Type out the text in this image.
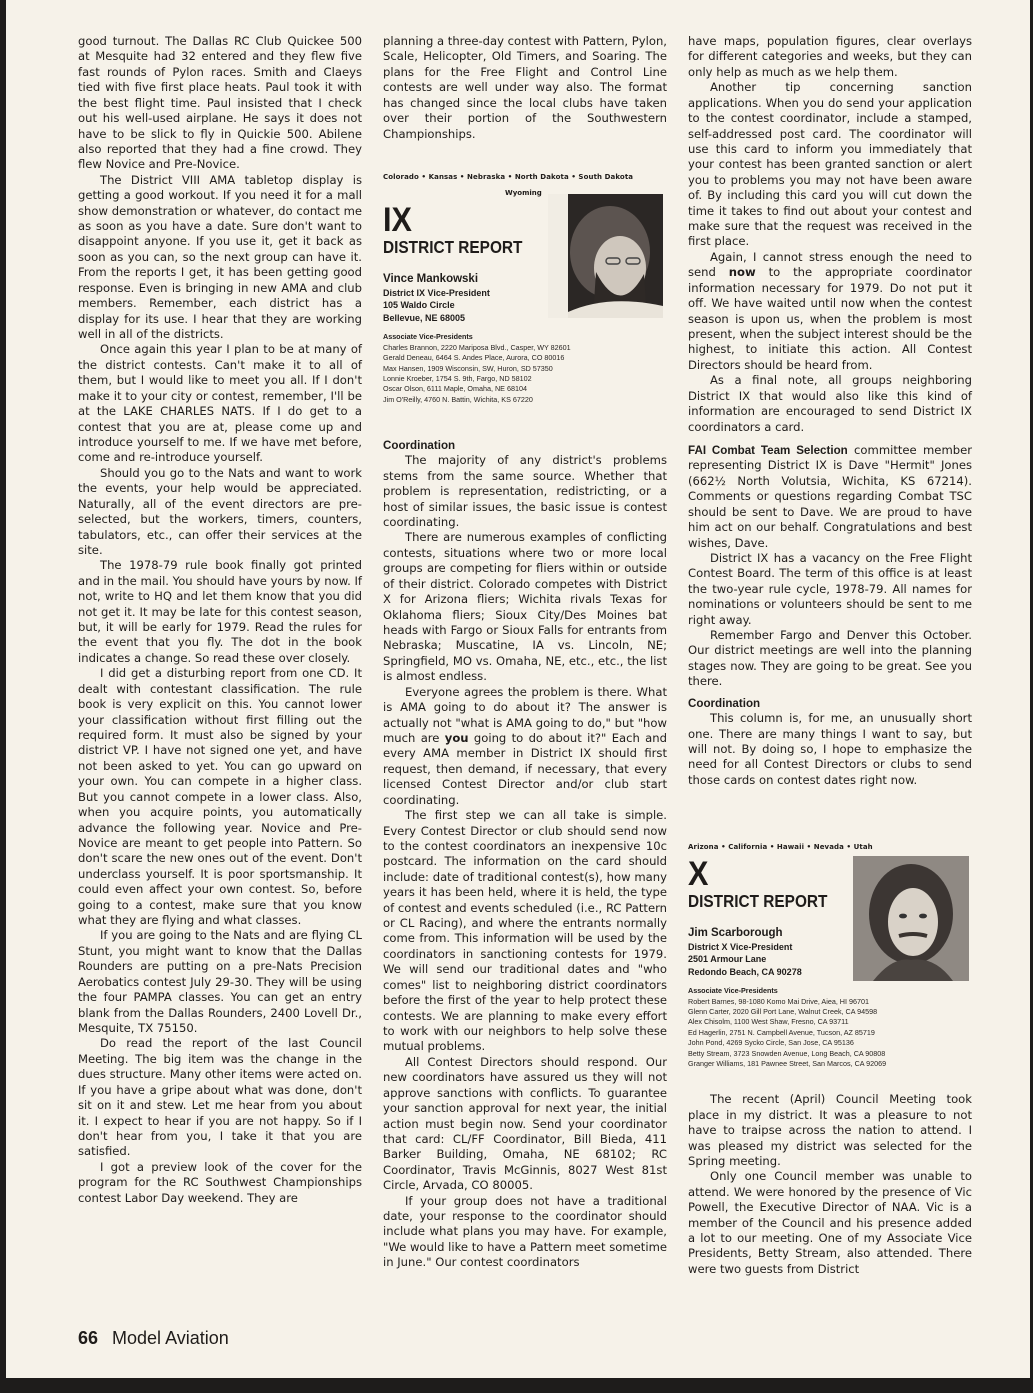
good turnout. The Dallas RC Club Quickee 500 at Mesquite had 32 entered and they flew five fast rounds of Pylon races. Smith and Claeys tied with five first place heats. Paul took it with the best flight time. Paul insisted that I check out his well-used airplane. He says it does not have to be slick to fly in Quickie 500. Abilene also reported that they had a fine crowd. They flew Novice and Pre-Novice.

The District VIII AMA tabletop display is getting a good workout. If you need it for a mall show demonstration or whatever, do contact me as soon as you have a date. Sure don't want to disappoint anyone. If you use it, get it back as soon as you can, so the next group can have it. From the reports I get, it has been getting good response. Even is bringing in new AMA and club members. Remember, each district has a display for its use. I hear that they are working well in all of the districts.

Once again this year I plan to be at many of the district contests. Can't make it to all of them, but I would like to meet you all. If I don't make it to your city or contest, remember, I'll be at the LAKE CHARLES NATS. If I do get to a contest that you are at, please come up and introduce yourself to me. If we have met before, come and re-introduce yourself.

Should you go to the Nats and want to work the events, your help would be appreciated. Naturally, all of the event directors are pre-selected, but the workers, timers, counters, tabulators, etc., can offer their services at the site.

The 1978-79 rule book finally got printed and in the mail. You should have yours by now. If not, write to HQ and let them know that you did not get it. It may be late for this contest season, but, it will be early for 1979. Read the rules for the event that you fly. The dot in the book indicates a change. So read these over closely.

I did get a disturbing report from one CD. It dealt with contestant classification. The rule book is very explicit on this. You cannot lower your classification without first filling out the required form. It must also be signed by your district VP. I have not signed one yet, and have not been asked to yet. You can go upward on your own. You can compete in a higher class. But you cannot compete in a lower class. Also, when you acquire points, you automatically advance the following year. Novice and Pre-Novice are meant to get people into Pattern. So don't scare the new ones out of the event. Don't underclass yourself. It is poor sportsmanship. It could even affect your own contest. So, before going to a contest, make sure that you know what they are flying and what classes.

If you are going to the Nats and are flying CL Stunt, you might want to know that the Dallas Rounders are putting on a pre-Nats Precision Aerobatics contest July 29-30. They will be using the four PAMPA classes. You can get an entry blank from the Dallas Rounders, 2400 Lovell Dr., Mesquite, TX 75150.

Do read the report of the last Council Meeting. The big item was the change in the dues structure. Many other items were acted on. If you have a gripe about what was done, don't sit on it and stew. Let me hear from you about it. I expect to hear if you are not happy. So if I don't hear from you, I take it that you are satisfied.

I got a preview look of the cover for the program for the RC Southwest Championships contest Labor Day weekend. They are

planning a three-day contest with Pattern, Pylon, Scale, Helicopter, Old Timers, and Soaring. The plans for the Free Flight and Control Line contests are well under way also. The format has changed since the local clubs have taken over their portion of the Southwestern Championships.

Colorado • Kansas • Nebraska • North Dakota • South Dakota
Wyoming
IX
DISTRICT REPORT
Vince Mankowski
District IX Vice-President
105 Waldo Circle
Bellevue, NE 68005
Associate Vice-Presidents
Charles Brannon, 2220 Mariposa Blvd., Casper, WY 82601
Gerald Deneau, 6464 S. Andes Place, Aurora, CO 80016
Max Hansen, 1909 Wisconsin, SW, Huron, SD 57350
Lonnie Kroeber, 1754 S. 9th, Fargo, ND 58102
Oscar Olson, 6111 Maple, Omaha, NE 68104
Jim O'Reilly, 4760 N. Battin, Wichita, KS 67220
Coordination

The majority of any district's problems stems from the same source. Whether that problem is representation, redistricting, or a host of similar issues, the basic issue is contest coordinating.

There are numerous examples of conflicting contests, situations where two or more local groups are competing for fliers within or outside of their district. Colorado competes with District X for Arizona fliers; Wichita rivals Texas for Oklahoma fliers; Sioux City/Des Moines bat heads with Fargo or Sioux Falls for entrants from Nebraska; Muscatine, IA vs. Lincoln, NE; Springfield, MO vs. Omaha, NE, etc., etc., the list is almost endless.

Everyone agrees the problem is there. What is AMA going to do about it? The answer is actually not "what is AMA going to do," but "how much are you going to do about it?" Each and every AMA member in District IX should first request, then demand, if necessary, that every licensed Contest Director and/or club start coordinating.

The first step we can all take is simple. Every Contest Director or club should send now to the contest coordinators an inexpensive 10c postcard. The information on the card should include: date of traditional contest(s), how many years it has been held, where it is held, the type of contest and events scheduled (i.e., RC Pattern or CL Racing), and where the entrants normally come from. This information will be used by the coordinators in sanctioning contests for 1979. We will send our traditional dates and "who comes" list to neighboring district coordinators before the first of the year to help protect these contests. We are planning to make every effort to work with our neighbors to help solve these mutual problems.

All Contest Directors should respond. Our new coordinators have assured us they will not approve sanctions with conflicts. To guarantee your sanction approval for next year, the initial action must begin now. Send your coordinator that card: CL/FF Coordinator, Bill Bieda, 411 Barker Building, Omaha, NE 68102; RC Coordinator, Travis McGinnis, 8027 West 81st Circle, Arvada, CO 80005.

If your group does not have a traditional date, your response to the coordinator should include what plans you may have. For example, "We would like to have a Pattern meet sometime in June." Our contest coordinators

have maps, population figures, clear overlays for different categories and weeks, but they can only help as much as we help them.

Another tip concerning sanction applications. When you do send your application to the contest coordinator, include a stamped, self-addressed post card. The coordinator will use this card to inform you immediately that your contest has been granted sanction or alert you to problems you may not have been aware of. By including this card you will cut down the time it takes to find out about your contest and make sure that the request was received in the first place.

Again, I cannot stress enough the need to send now to the appropriate coordinator information necessary for 1979. Do not put it off. We have waited until now when the contest season is upon us, when the problem is most present, when the subject interest should be the highest, to initiate this action. All Contest Directors should be heard from.

As a final note, all groups neighboring District IX that would also like this kind of information are encouraged to send District IX coordinators a card.

FAI Combat Team Selection committee member representing District IX is Dave "Hermit" Jones (662½ North Volutsia, Wichita, KS 67214). Comments or questions regarding Combat TSC should be sent to Dave. We are proud to have him act on our behalf. Congratulations and best wishes, Dave.

District IX has a vacancy on the Free Flight Contest Board. The term of this office is at least the two-year rule cycle, 1978-79. All names for nominations or volunteers should be sent to me right away.

Remember Fargo and Denver this October. Our district meetings are well into the planning stages now. They are going to be great. See you there.

Coordination

This column is, for me, an unusually short one. There are many things I want to say, but will not. By doing so, I hope to emphasize the need for all Contest Directors or clubs to send those cards on contest dates right now.

Arizona • California • Hawaii • Nevada • Utah
X
DISTRICT REPORT
Jim Scarborough
District X Vice-President
2501 Armour Lane
Redondo Beach, CA 90278
Associate Vice-Presidents
Robert Barnes, 98-1080 Komo Mai Drive, Aiea, HI 96701
Glenn Carter, 2020 Gill Port Lane, Walnut Creek, CA 94598
Alex Chisolm, 1100 West Shaw, Fresno, CA 93711
Ed Hagerlin, 2751 N. Campbell Avenue, Tucson, AZ 85719
John Pond, 4269 Sycko Circle, San Jose, CA 95136
Betty Stream, 3723 Snowden Avenue, Long Beach, CA 90808
Granger Williams, 181 Pawnee Street, San Marcos, CA 92069

The recent (April) Council Meeting took place in my district. It was a pleasure to not have to traipse across the nation to attend. I was pleased my district was selected for the Spring meeting.

Only one Council member was unable to attend. We were honored by the presence of Vic Powell, the Executive Director of NAA. Vic is a member of the Council and his presence added a lot to our meeting. One of my Associate Vice Presidents, Betty Stream, also attended. There were two guests from District

66 Model Aviation
